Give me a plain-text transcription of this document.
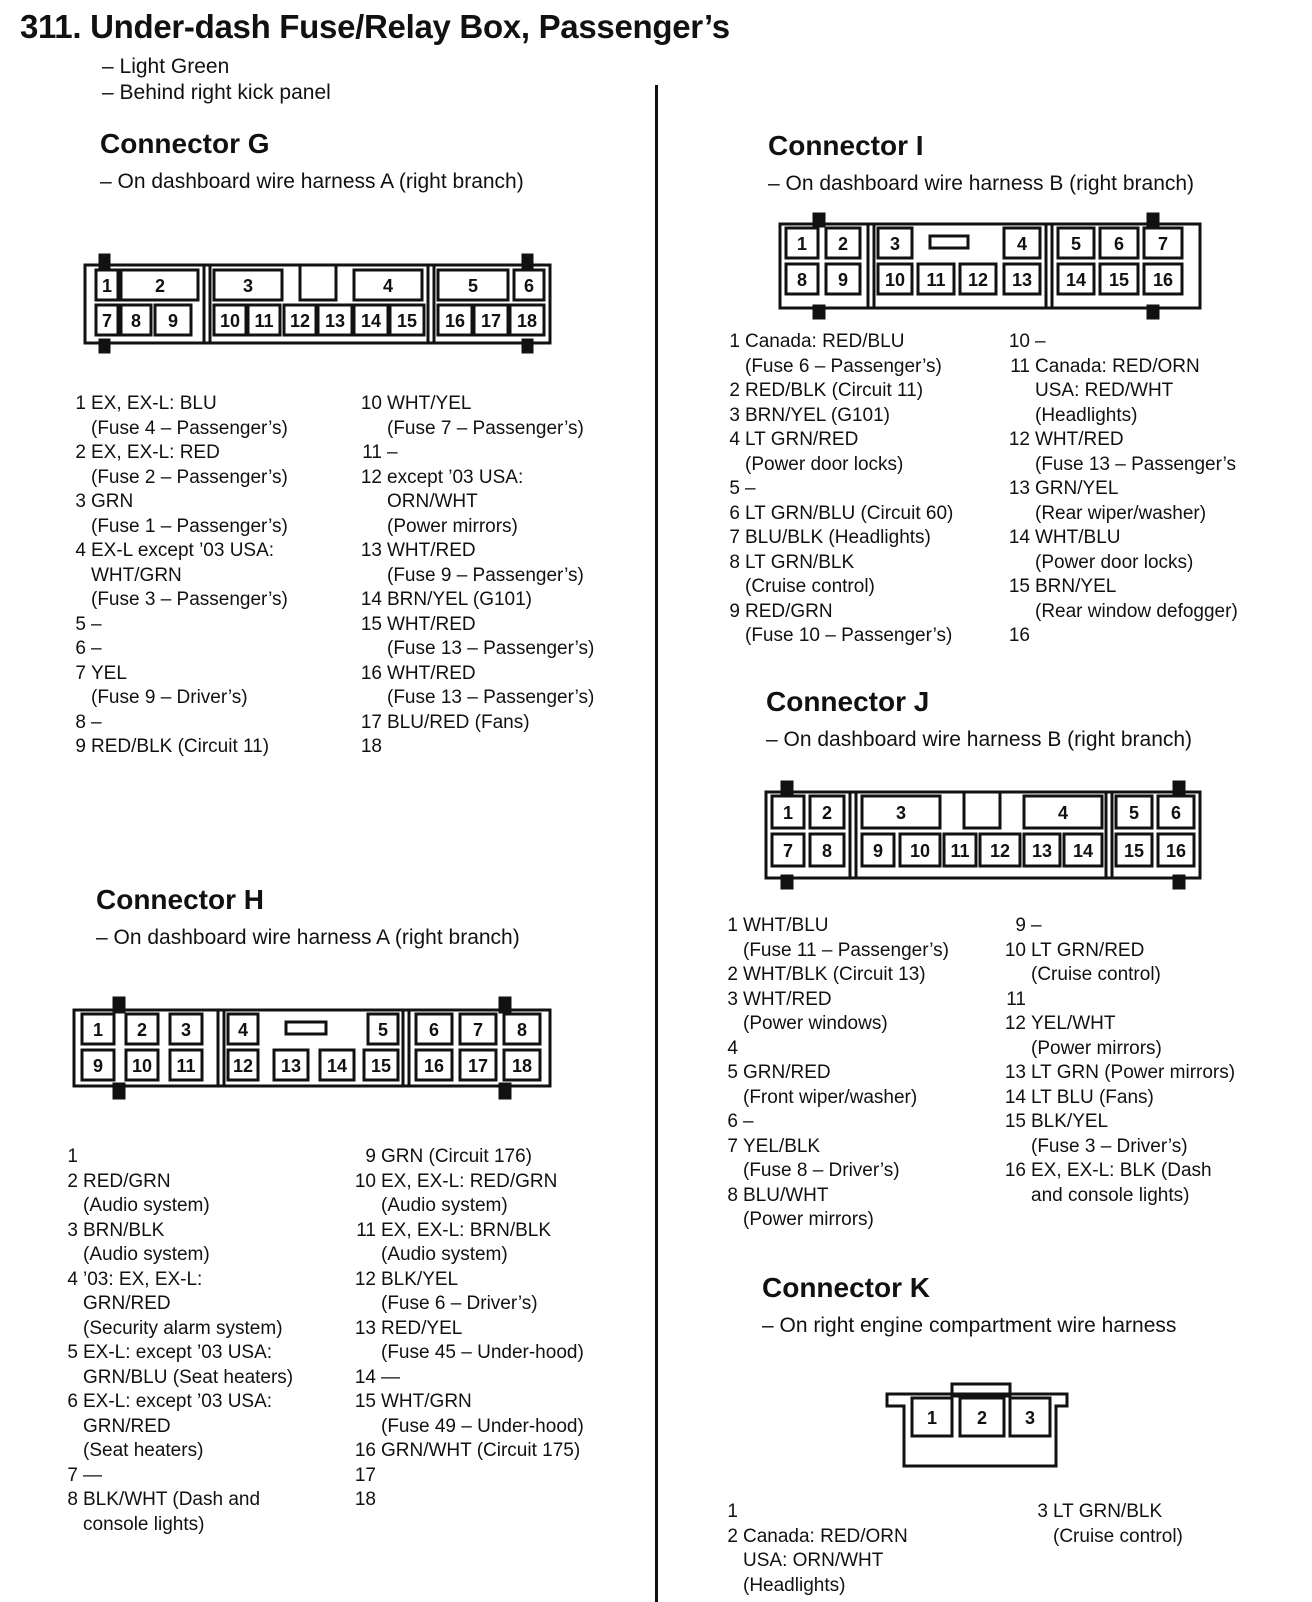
311. Under-dash Fuse/Relay Box, Passenger’s
– Light Green
– Behind right kick panel
Connector G
– On dashboard wire harness A (right branch)
1 2	3	4	5	6
7 8 9 10 11 12 13 14 15 16 17 18
1 EX, EX-L: BLU
(Fuse 4 – Passenger’s)
2 EX, EX-L: RED
(Fuse 2 – Passenger’s)
3 GRN
(Fuse 1 – Passenger’s)
4 EX-L except ’03 USA:
WHT/GRN
(Fuse 3 – Passenger’s)
5 –
6 –
7 YEL
(Fuse 9 – Driver’s)
8 –
9 RED/BLK (Circuit 11)
10 WHT/YEL
(Fuse 7 – Passenger’s)
11 –
12 except ’03 USA:
ORN/WHT
(Power mirrors)
13 WHT/RED
(Fuse 9 – Passenger’s)
14 BRN/YEL (G101)
15 WHT/RED
(Fuse 13 – Passenger’s)
16 WHT/RED
(Fuse 13 – Passenger’s)
17 BLU/RED (Fans)
18
Connector H
– On dashboard wire harness A (right branch)
1 2 3	4	5 6 7 8
9 10 11 12 13 14 15 16 17 18
1
2 RED/GRN
(Audio system)
3 BRN/BLK
(Audio system)
4 ’03: EX, EX-L:
GRN/RED
(Security alarm system)
5 EX-L: except ’03 USA:
GRN/BLU (Seat heaters)
6 EX-L: except ’03 USA:
GRN/RED
(Seat heaters)
7 —
8 BLK/WHT (Dash and
console lights)
9 GRN (Circuit 176)
10 EX, EX-L: RED/GRN
(Audio system)
11 EX, EX-L: BRN/BLK
(Audio system)
12 BLK/YEL
(Fuse 6 – Driver’s)
13 RED/YEL
(Fuse 45 – Under-hood)
14 —
15 WHT/GRN
(Fuse 49 – Under-hood)
16 GRN/WHT (Circuit 175)
17
18
Connector I
– On dashboard wire harness B (right branch)
1 2 3	4 5 6 7
8 9 10 11 12 13 14 15 16
1 Canada: RED/BLU
(Fuse 6 – Passenger’s)
2 RED/BLK (Circuit 11)
3 BRN/YEL (G101)
4 LT GRN/RED
(Power door locks)
5 –
6 LT GRN/BLU (Circuit 60)
7 BLU/BLK (Headlights)
8 LT GRN/BLK
(Cruise control)
9 RED/GRN
(Fuse 10 – Passenger’s)
10 –
11 Canada: RED/ORN
USA: RED/WHT
(Headlights)
12 WHT/RED
(Fuse 13 – Passenger’s
13 GRN/YEL
(Rear wiper/washer)
14 WHT/BLU
(Power door locks)
15 BRN/YEL
(Rear window defogger)
16
Connector J
– On dashboard wire harness B (right branch)
1 2	3	4	5 6
7 8 9 10 11 12 13 14 15 16
1 WHT/BLU
(Fuse 11 – Passenger’s)
2 WHT/BLK (Circuit 13)
3 WHT/RED
(Power windows)
4
5 GRN/RED
(Front wiper/washer)
6 –
7 YEL/BLK
(Fuse 8 – Driver’s)
8 BLU/WHT
(Power mirrors)
9 –
10 LT GRN/RED
(Cruise control)
11
12 YEL/WHT
(Power mirrors)
13 LT GRN (Power mirrors)
14 LT BLU (Fans)
15 BLK/YEL
(Fuse 3 – Driver’s)
16 EX, EX-L: BLK (Dash
and console lights)
Connector K
– On right engine compartment wire harness
1 2 3
1
2 Canada: RED/ORN
USA: ORN/WHT
(Headlights)
3 LT GRN/BLK
(Cruise control)
